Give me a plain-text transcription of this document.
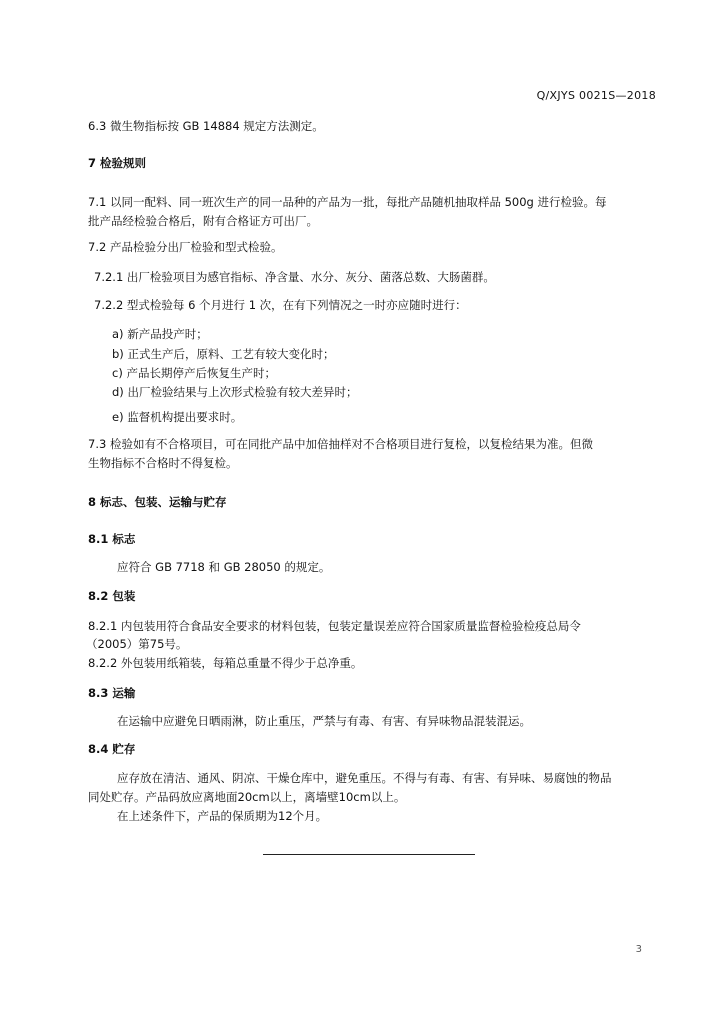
Q/XJYS 0021S—2018
6.3 微生物指标按 GB 14884 规定方法测定。
7 检验规则
7.1 以同一配料、同一班次生产的同一品种的产品为一批，每批产品随机抽取样品 500g 进行检验。每
批产品经检验合格后，附有合格证方可出厂。
7.2 产品检验分出厂检验和型式检验。
7.2.1 出厂检验项目为感官指标、净含量、水分、灰分、菌落总数、大肠菌群。
7.2.2 型式检验每 6 个月进行 1 次，在有下列情况之一时亦应随时进行：
a) 新产品投产时；
b) 正式生产后，原料、工艺有较大变化时；
c) 产品长期停产后恢复生产时；
d) 出厂检验结果与上次形式检验有较大差异时；
e) 监督机构提出要求时。
7.3 检验如有不合格项目，可在同批产品中加倍抽样对不合格项目进行复检，以复检结果为准。但微
生物指标不合格时不得复检。
8 标志、包装、运输与贮存
8.1 标志
应符合 GB 7718 和 GB 28050 的规定。
8.2 包装
8.2.1 内包装用符合食品安全要求的材料包装，包装定量误差应符合国家质量监督检验检疫总局令
（2005）第75号。
8.2.2 外包装用纸箱装，每箱总重量不得少于总净重。
8.3 运输
在运输中应避免日晒雨淋，防止重压，严禁与有毒、有害、有异味物品混装混运。
8.4 贮存
应存放在清洁、通风、阴凉、干燥仓库中，避免重压。不得与有毒、有害、有异味、易腐蚀的物品
同处贮存。产品码放应离地面20cm以上，离墙壁10cm以上。
在上述条件下，产品的保质期为12个月。
3
